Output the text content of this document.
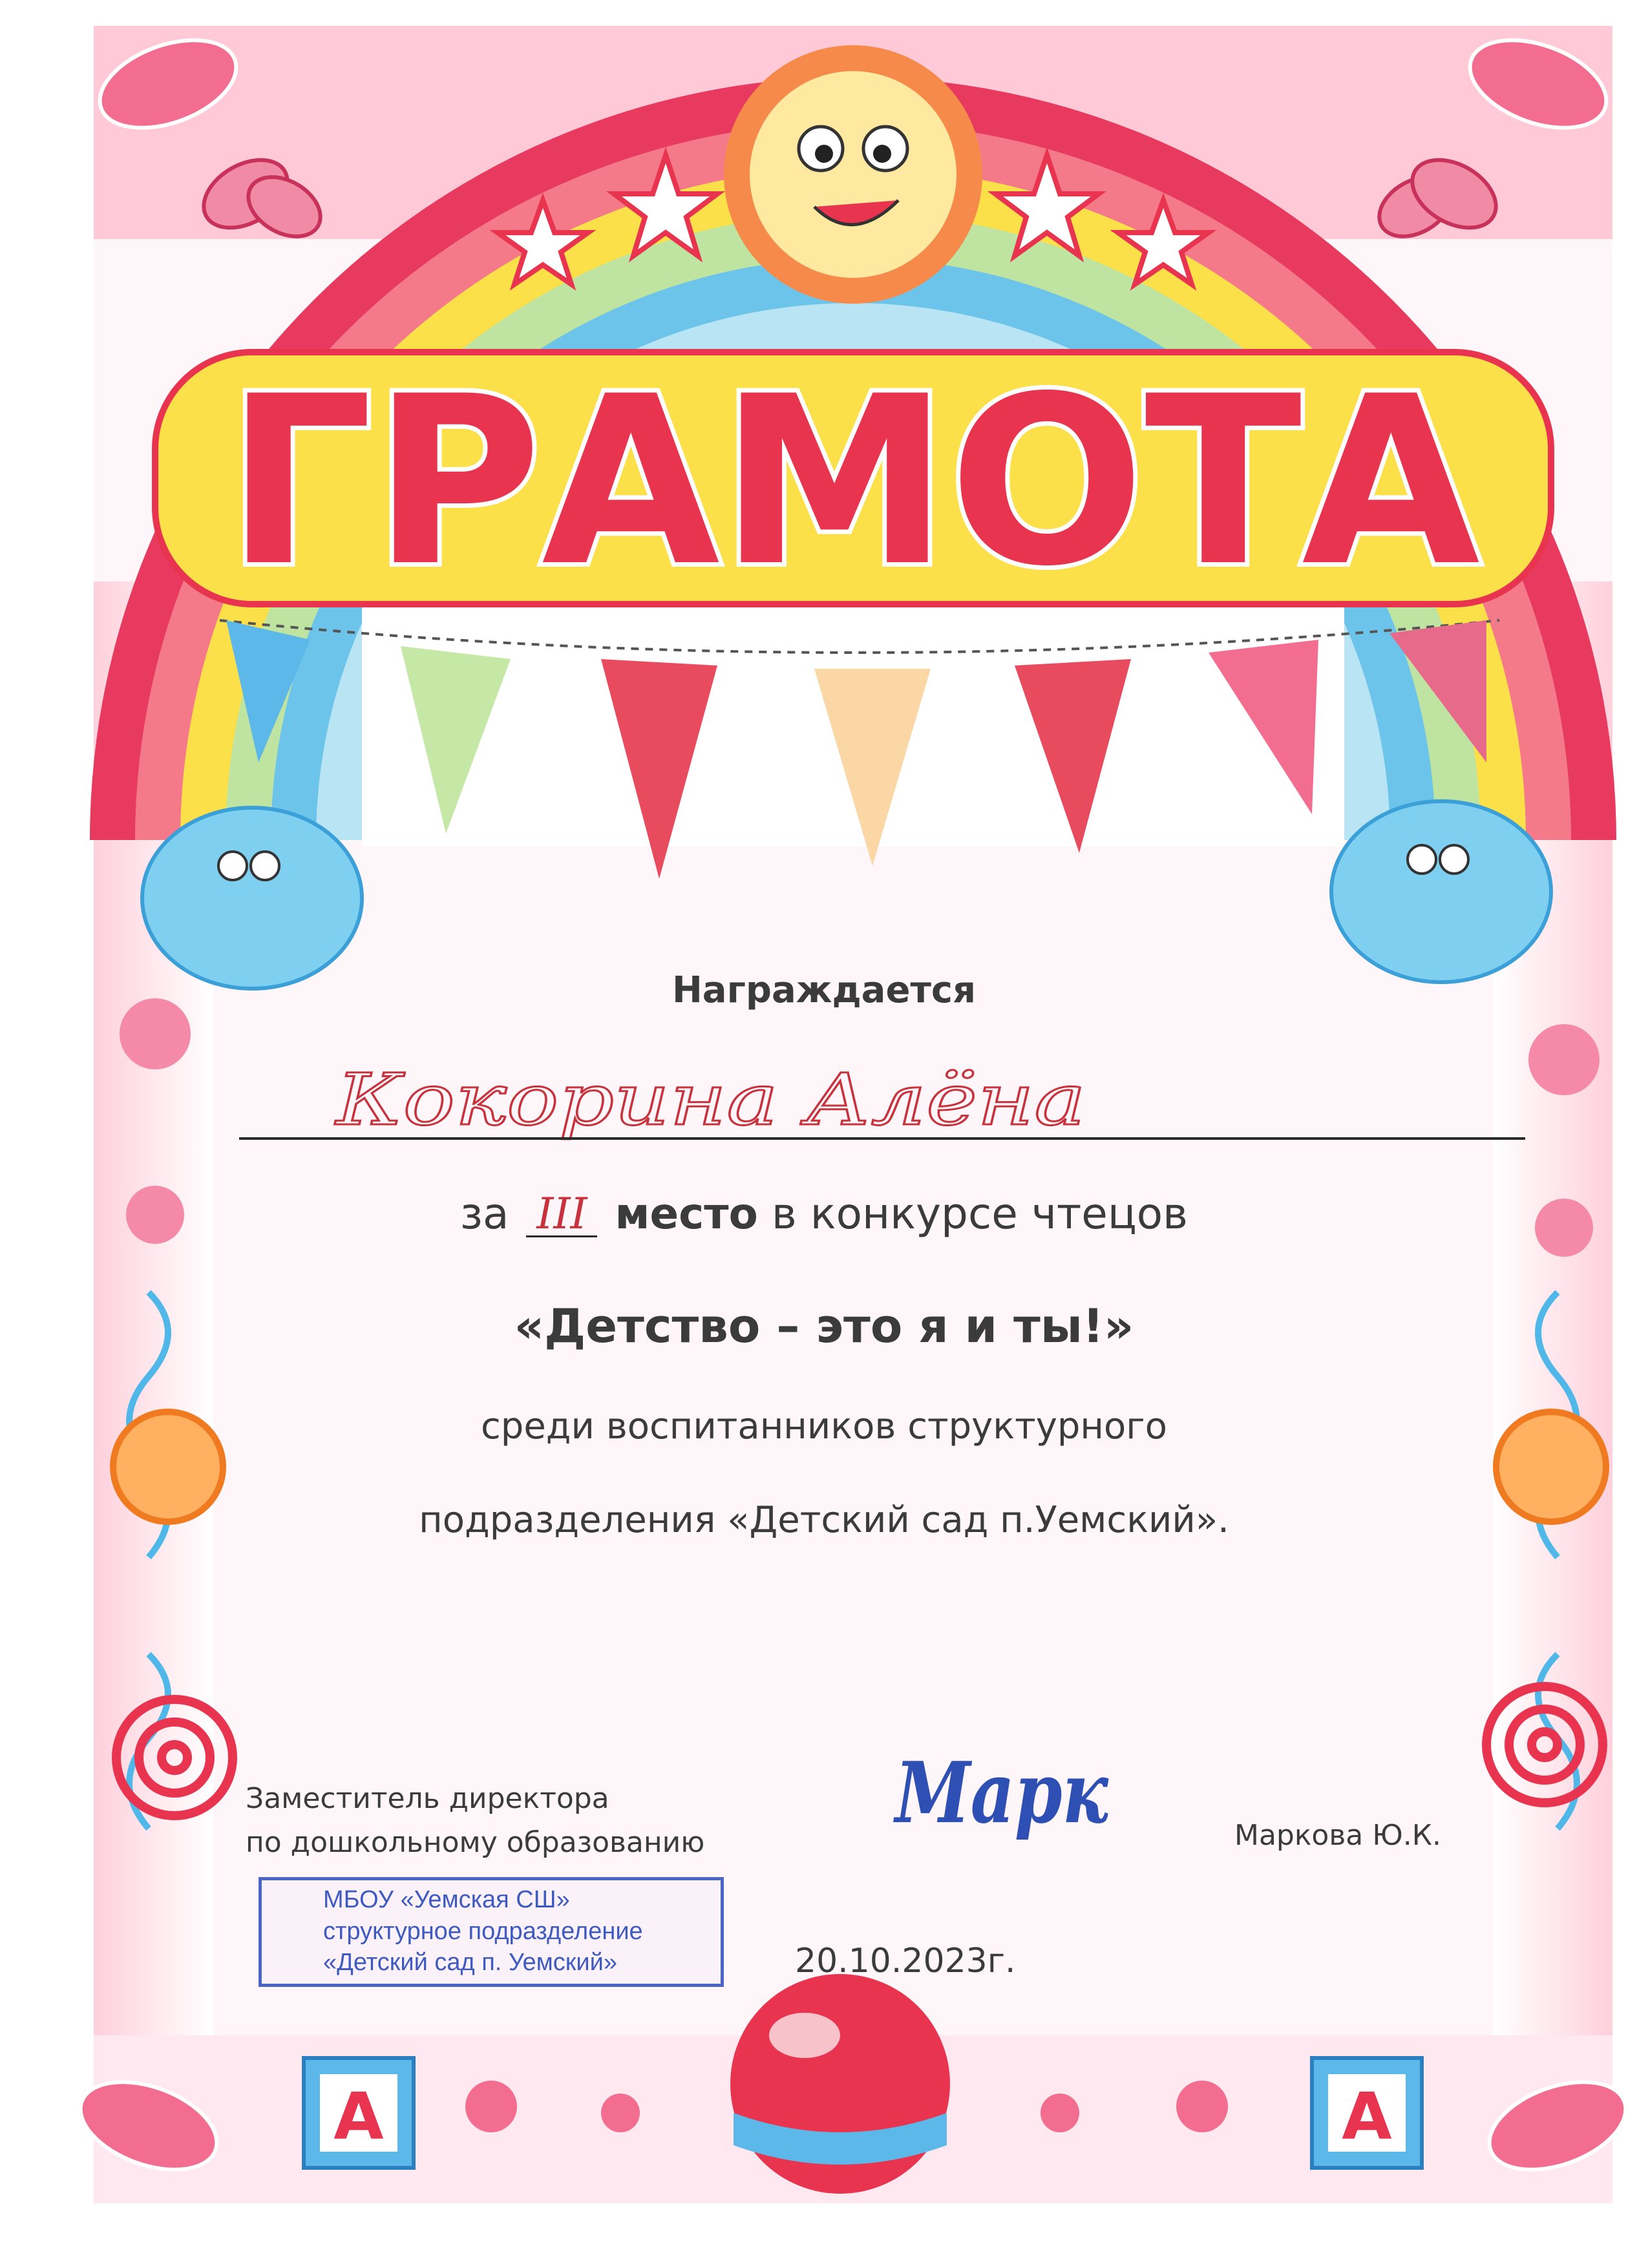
ГРАМОТА
A	A
Кокорина Алёна
Марк
Награждается
за III место в конкурсе чтецов
«Детство – это я и ты!»
среди воспитанников структурного
подразделения «Детский сад п.Уемский».
Заместитель директора
по дошкольному образованию	Маркова Ю.К.
МБОУ «Уемская СШ»
структурное подразделение
«Детский сад п. Уемский»	20.10.2023г.
